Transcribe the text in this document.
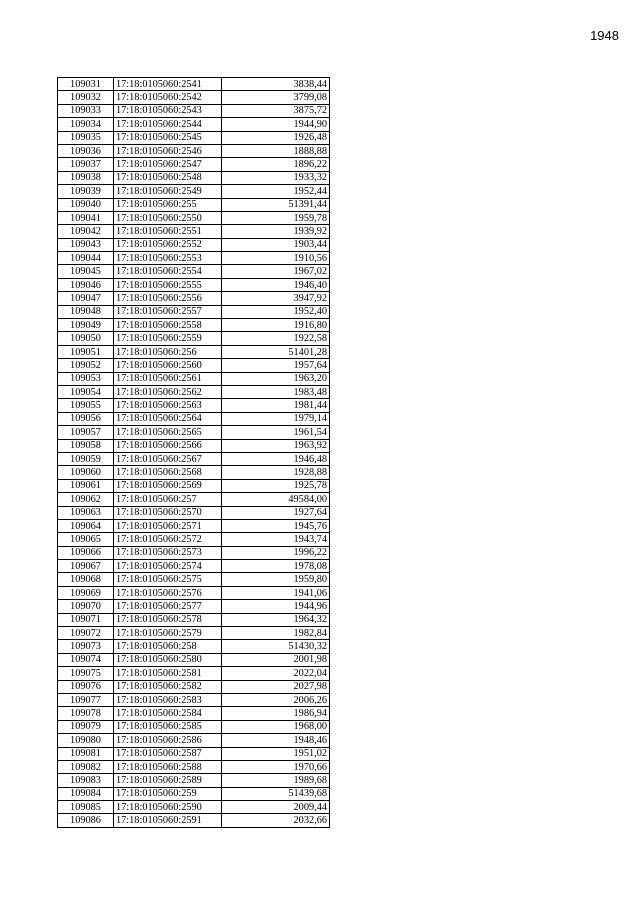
1948
109031	17:18:0105060:2541	3838,44
109032	17:18:0105060:2542	3799,08
109033	17:18:0105060:2543	3875,72
109034	17:18:0105060:2544	1944,90
109035	17:18:0105060:2545	1926,48
109036	17:18:0105060:2546	1888,88
109037	17:18:0105060:2547	1896,22
109038	17:18:0105060:2548	1933,32
109039	17:18:0105060:2549	1952,44
109040	17:18:0105060:255	51391,44
109041	17:18:0105060:2550	1959,78
109042	17:18:0105060:2551	1939,92
109043	17:18:0105060:2552	1903,44
109044	17:18:0105060:2553	1910,56
109045	17:18:0105060:2554	1967,02
109046	17:18:0105060:2555	1946,40
109047	17:18:0105060:2556	3947,92
109048	17:18:0105060:2557	1952,40
109049	17:18:0105060:2558	1916,80
109050	17:18:0105060:2559	1922,58
109051	17:18:0105060:256	51401,28
109052	17:18:0105060:2560	1957,64
109053	17:18:0105060:2561	1963,20
109054	17:18:0105060:2562	1983,48
109055	17:18:0105060:2563	1981,44
109056	17:18:0105060:2564	1979,14
109057	17:18:0105060:2565	1961,54
109058	17:18:0105060:2566	1963,92
109059	17:18:0105060:2567	1946,48
109060	17:18:0105060:2568	1928,88
109061	17:18:0105060:2569	1925,78
109062	17:18:0105060:257	49584,00
109063	17:18:0105060:2570	1927,64
109064	17:18:0105060:2571	1945,76
109065	17:18:0105060:2572	1943,74
109066	17:18:0105060:2573	1996,22
109067	17:18:0105060:2574	1978,08
109068	17:18:0105060:2575	1959,80
109069	17:18:0105060:2576	1941,06
109070	17:18:0105060:2577	1944,96
109071	17:18:0105060:2578	1964,32
109072	17:18:0105060:2579	1982,84
109073	17:18:0105060:258	51430,32
109074	17:18:0105060:2580	2001,98
109075	17:18:0105060:2581	2022,04
109076	17:18:0105060:2582	2027,98
109077	17:18:0105060:2583	2006,26
109078	17:18:0105060:2584	1986,94
109079	17:18:0105060:2585	1968,00
109080	17:18:0105060:2586	1948,46
109081	17:18:0105060:2587	1951,02
109082	17:18:0105060:2588	1970,66
109083	17:18:0105060:2589	1989,68
109084	17:18:0105060:259	51439,68
109085	17:18:0105060:2590	2009,44
109086	17:18:0105060:2591	2032,66
